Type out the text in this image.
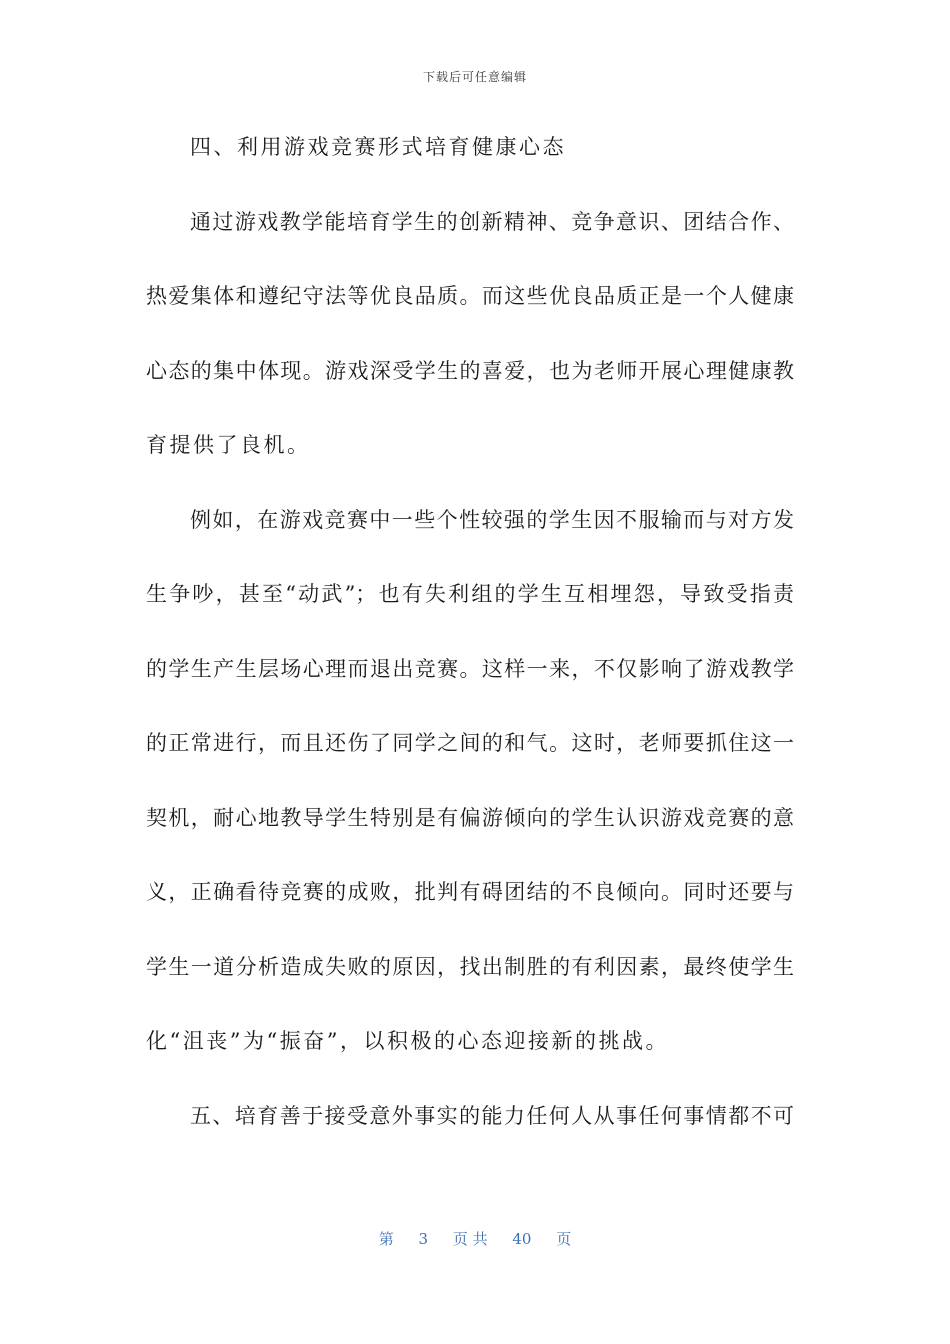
下载后可任意编辑
四、利用游戏竞赛形式培育健康心态
通过游戏教学能培育学生的创新精神、竞争意识、团结合作、
热爱集体和遵纪守法等优良品质。而这些优良品质正是一个人健康
心态的集中体现。游戏深受学生的喜爱，也为老师开展心理健康教
育提供了良机。
例如，在游戏竞赛中一些个性较强的学生因不服输而与对方发
生争吵，甚至“动武”；也有失利组的学生互相埋怨，导致受指责
的学生产生层场心理而退出竞赛。这样一来，不仅影响了游戏教学
的正常进行，而且还伤了同学之间的和气。这时，老师要抓住这一
契机，耐心地教导学生特别是有偏游倾向的学生认识游戏竞赛的意
义，正确看待竞赛的成败，批判有碍团结的不良倾向。同时还要与
学生一道分析造成失败的原因，找出制胜的有利因素，最终使学生
化“沮丧”为“振奋”，以积极的心态迎接新的挑战。
五、培育善于接受意外事实的能力任何人从事任何事情都不可
第 3 页 共 40 页
